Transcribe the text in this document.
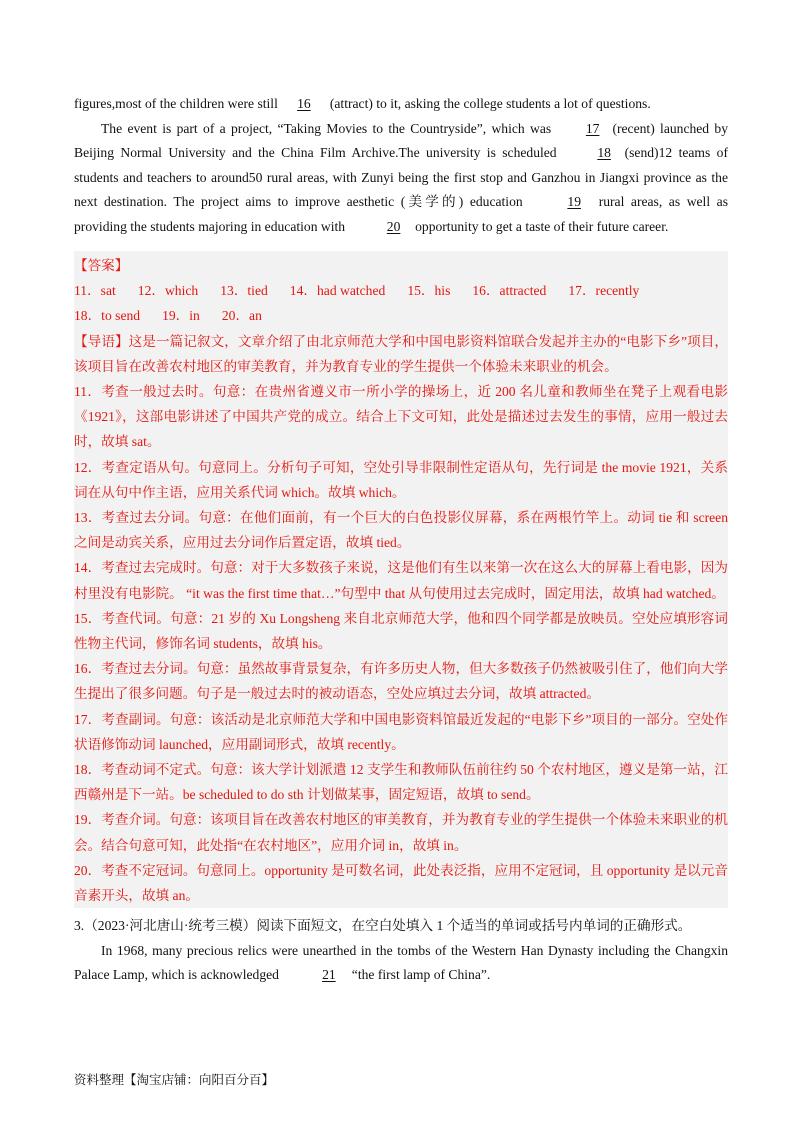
figures,most of the children were still 16 (attract) to it, asking the college students a lot of questions.

The event is part of a project, “Taking Movies to the Countryside”, which was	17 (recent) launched by Beijing Normal University and the China Film Archive.The university is scheduled	18 (send)12 teams of students and teachers to around50 rural areas, with Zunyi being the first stop and Ganzhou in Jiangxi province as the next destination. The project aims to improve aesthetic (美学的) education	19 rural areas, as well as providing the students majoring in education with	20 opportunity to get a taste of their future career.

【答案】

11．sat 12．which 13．tied 14．had watched 15．his 16．attracted 17．recently
18．to send 19．in 20．an

【导语】这是一篇记叙文，文章介绍了由北京师范大学和中国电影资料馆联合发起并主办的“电影下乡”项目，该项目旨在改善农村地区的审美教育，并为教育专业的学生提供一个体验未来职业的机会。

11．考查一般过去时。句意：在贵州省遵义市一所小学的操场上，近 200 名儿童和教师坐在凳子上观看电影《1921》，这部电影讲述了中国共产党的成立。结合上下文可知，此处是描述过去发生的事情，应用一般过去时，故填 sat。

12．考查定语从句。句意同上。分析句子可知，空处引导非限制性定语从句，先行词是 the movie 1921，关系词在从句中作主语，应用关系代词 which。故填 which。

13．考查过去分词。句意：在他们面前，有一个巨大的白色投影仪屏幕，系在两根竹竿上。动词 tie 和 screen 之间是动宾关系，应用过去分词作后置定语，故填 tied。

14．考查过去完成时。句意：对于大多数孩子来说，这是他们有生以来第一次在这么大的屏幕上看电影，因为村里没有电影院。 “it was the first time that…”句型中 that 从句使用过去完成时，固定用法，故填 had watched。

15．考查代词。句意：21 岁的 Xu Longsheng 来自北京师范大学，他和四个同学都是放映员。空处应填形容词性物主代词，修饰名词 students，故填 his。

16．考查过去分词。句意：虽然故事背景复杂，有许多历史人物，但大多数孩子仍然被吸引住了，他们向大学生提出了很多问题。句子是一般过去时的被动语态，空处应填过去分词，故填 attracted。

17．考查副词。句意：该活动是北京师范大学和中国电影资料馆最近发起的“电影下乡”项目的一部分。空处作状语修饰动词 launched，应用副词形式，故填 recently。

18．考查动词不定式。句意：该大学计划派遣 12 支学生和教师队伍前往约 50 个农村地区，遵义是第一站，江西赣州是下一站。be scheduled to do sth 计划做某事，固定短语，故填 to send。

19．考查介词。句意：该项目旨在改善农村地区的审美教育，并为教育专业的学生提供一个体验未来职业的机会。结合句意可知，此处指“在农村地区”，应用介词 in，故填 in。

20．考查不定冠词。句意同上。opportunity 是可数名词，此处表泛指，应用不定冠词，且 opportunity 是以元音音素开头，故填 an。

3.（2023·河北唐山·统考三模）阅读下面短文，在空白处填入 1 个适当的单词或括号内单词的正确形式。

In 1968, many precious relics were unearthed in the tombs of the Western Han Dynasty including the Changxin Palace Lamp, which is acknowledged	21 “the first lamp of China”.

资料整理【淘宝店铺：向阳百分百】
